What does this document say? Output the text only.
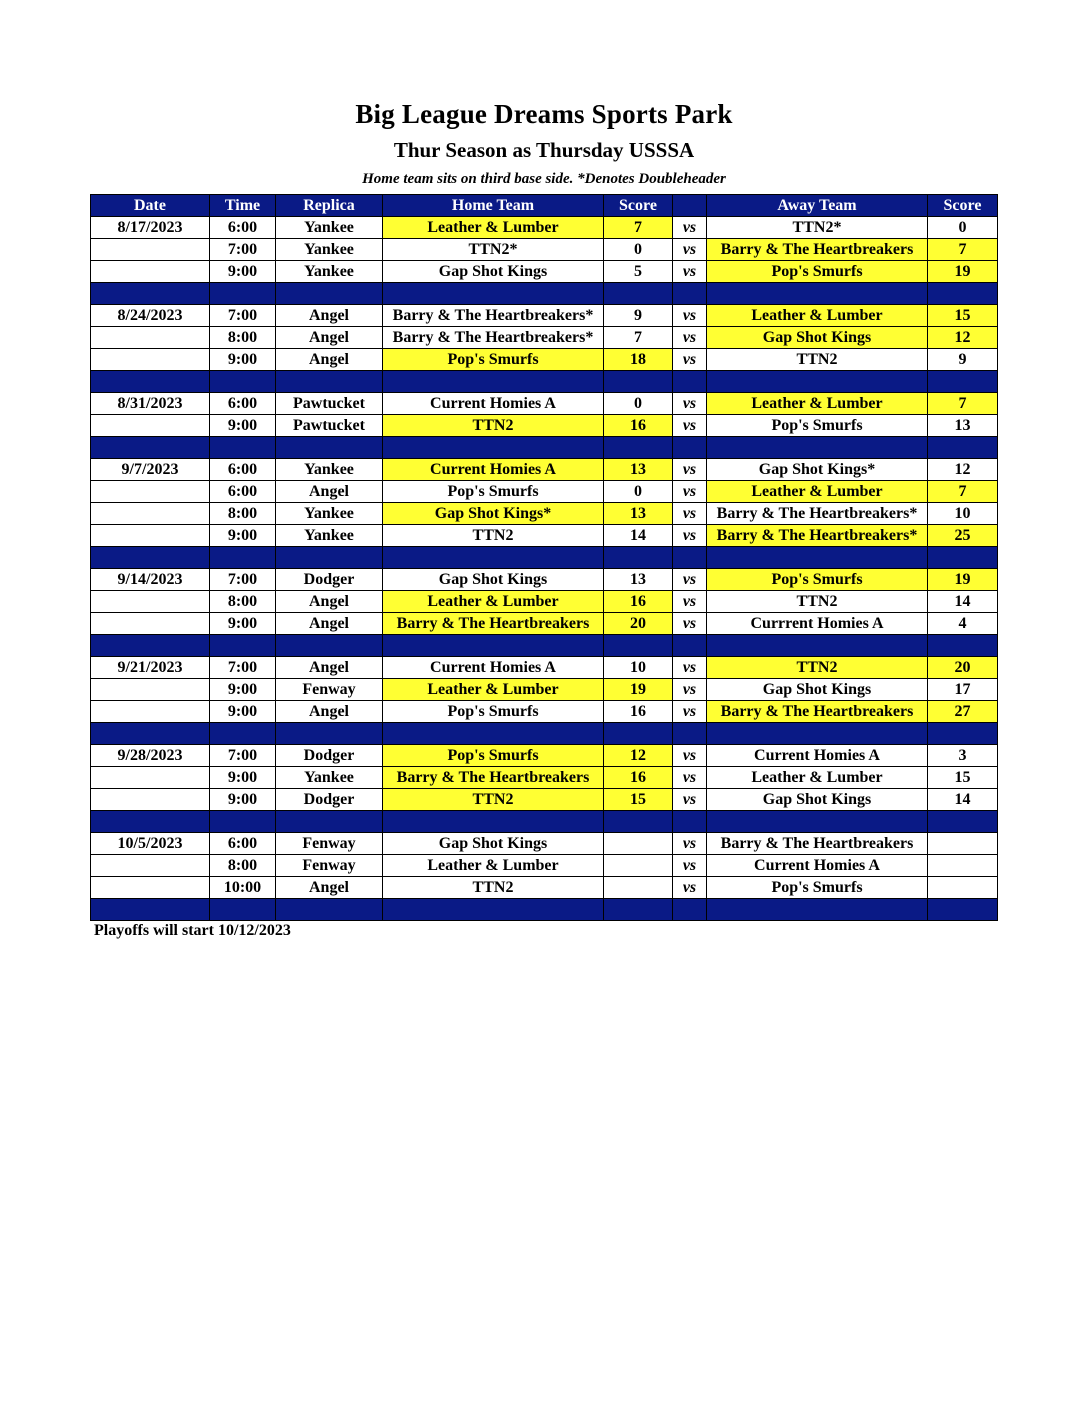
Big League Dreams Sports Park
Thur Season as Thursday USSSA
Home team sits on third base side. *Denotes Doubleheader
Date	Time	Replica	Home Team	Score		Away Team	Score
8/17/2023	6:00	Yankee	Leather & Lumber	7	vs	TTN2*	0
	7:00	Yankee	TTN2*	0	vs	Barry & The Heartbreakers	7
	9:00	Yankee	Gap Shot Kings	5	vs	Pop's Smurfs	19

8/24/2023	7:00	Angel	Barry & The Heartbreakers*	9	vs	Leather & Lumber	15
	8:00	Angel	Barry & The Heartbreakers*	7	vs	Gap Shot Kings	12
	9:00	Angel	Pop's Smurfs	18	vs	TTN2	9

8/31/2023	6:00	Pawtucket	Current Homies A	0	vs	Leather & Lumber	7
	9:00	Pawtucket	TTN2	16	vs	Pop's Smurfs	13

9/7/2023	6:00	Yankee	Current Homies A	13	vs	Gap Shot Kings*	12
	6:00	Angel	Pop's Smurfs	0	vs	Leather & Lumber	7
	8:00	Yankee	Gap Shot Kings*	13	vs	Barry & The Heartbreakers*	10
	9:00	Yankee	TTN2	14	vs	Barry & The Heartbreakers*	25

9/14/2023	7:00	Dodger	Gap Shot Kings	13	vs	Pop's Smurfs	19
	8:00	Angel	Leather & Lumber	16	vs	TTN2	14
	9:00	Angel	Barry & The Heartbreakers	20	vs	Currrent Homies A	4

9/21/2023	7:00	Angel	Current Homies A	10	vs	TTN2	20
	9:00	Fenway	Leather & Lumber	19	vs	Gap Shot Kings	17
	9:00	Angel	Pop's Smurfs	16	vs	Barry & The Heartbreakers	27

9/28/2023	7:00	Dodger	Pop's Smurfs	12	vs	Current Homies A	3
	9:00	Yankee	Barry & The Heartbreakers	16	vs	Leather & Lumber	15
	9:00	Dodger	TTN2	15	vs	Gap Shot Kings	14

10/5/2023	6:00	Fenway	Gap Shot Kings		vs	Barry & The Heartbreakers	
	8:00	Fenway	Leather & Lumber		vs	Current Homies A	
	10:00	Angel	TTN2		vs	Pop's Smurfs	

Playoffs will start 10/12/2023
